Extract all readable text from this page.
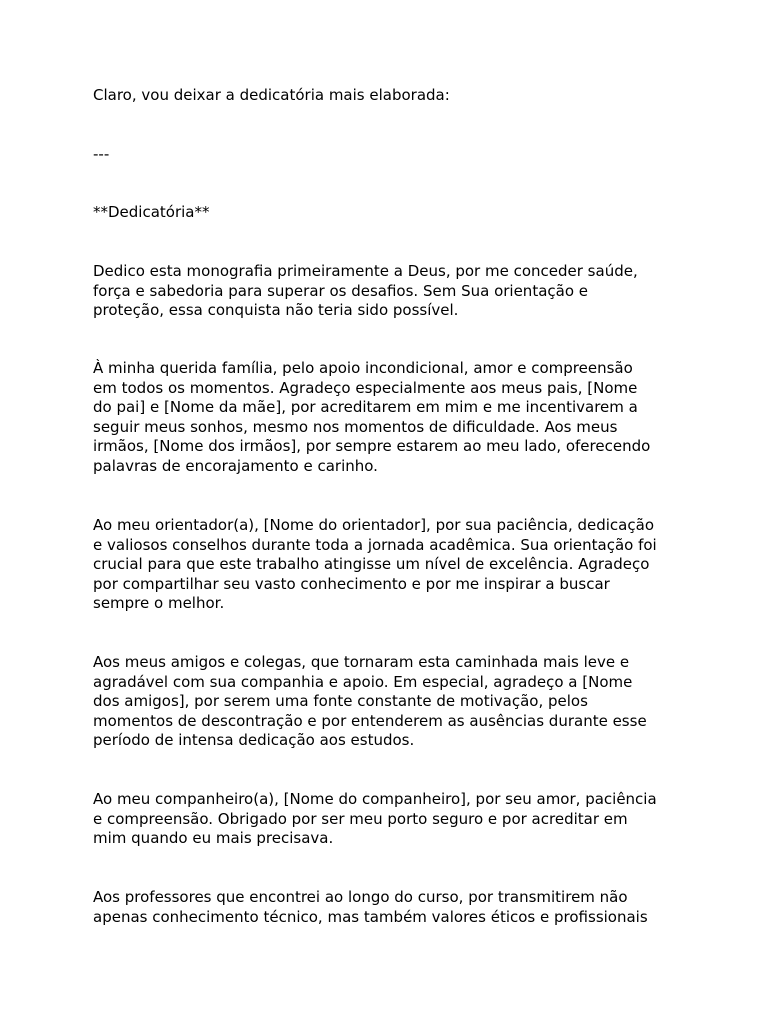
Claro, vou deixar a dedicatória mais elaborada:

---

**Dedicatória**

Dedico esta monografia primeiramente a Deus, por me conceder saúde,
força e sabedoria para superar os desafios. Sem Sua orientação e
proteção, essa conquista não teria sido possível.

À minha querida família, pelo apoio incondicional, amor e compreensão
em todos os momentos. Agradeço especialmente aos meus pais, [Nome
do pai] e [Nome da mãe], por acreditarem em mim e me incentivarem a
seguir meus sonhos, mesmo nos momentos de dificuldade. Aos meus
irmãos, [Nome dos irmãos], por sempre estarem ao meu lado, oferecendo
palavras de encorajamento e carinho.

Ao meu orientador(a), [Nome do orientador], por sua paciência, dedicação
e valiosos conselhos durante toda a jornada acadêmica. Sua orientação foi
crucial para que este trabalho atingisse um nível de excelência. Agradeço
por compartilhar seu vasto conhecimento e por me inspirar a buscar
sempre o melhor.

Aos meus amigos e colegas, que tornaram esta caminhada mais leve e
agradável com sua companhia e apoio. Em especial, agradeço a [Nome
dos amigos], por serem uma fonte constante de motivação, pelos
momentos de descontração e por entenderem as ausências durante esse
período de intensa dedicação aos estudos.

Ao meu companheiro(a), [Nome do companheiro], por seu amor, paciência
e compreensão. Obrigado por ser meu porto seguro e por acreditar em
mim quando eu mais precisava.

Aos professores que encontrei ao longo do curso, por transmitirem não
apenas conhecimento técnico, mas também valores éticos e profissionais
